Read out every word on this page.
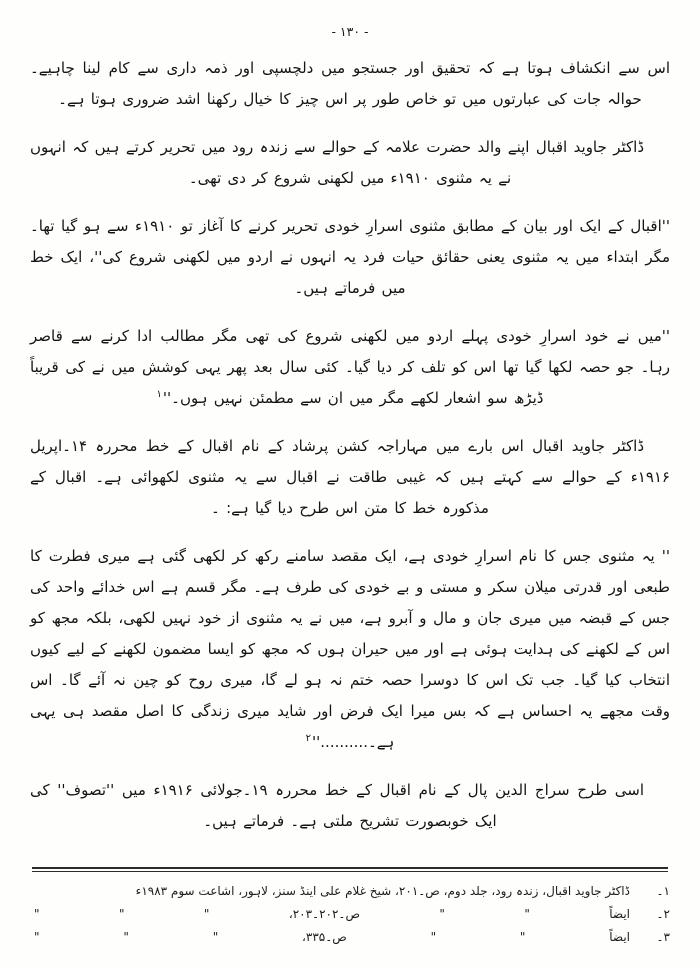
- ۱۳۰ -

اس سے انکشاف ہوتا ہے کہ تحقیق اور جستجو میں دلچسپی اور ذمہ داری سے کام لینا چاہیے۔ حوالہ جات کی عبارتوں میں تو خاص طور پر اس چیز کا خیال رکھنا اشد ضروری ہوتا ہے۔

ڈاکٹر جاوید اقبال اپنے والد حضرت علامہ کے حوالے سے زندہ رود میں تحریر کرتے ہیں کہ انہوں نے یہ مثنوی ۱۹۱۰ء میں لکھنی شروع کر دی تھی۔

''اقبال کے ایک اور بیان کے مطابق مثنوی اسرارِ خودی تحریر کرنے کا آغاز تو ۱۹۱۰ء سے ہو گیا تھا۔ مگر ابتداء میں یہ مثنوی یعنی حقائق حیات فرد یہ انہوں نے اردو میں لکھنی شروع کی''، ایک خط میں فرماتے ہیں۔

''میں نے خود اسرارِ خودی پہلے اردو میں لکھنی شروع کی تھی مگر مطالب ادا کرنے سے قاصر رہا۔ جو حصہ لکھا گیا تھا اس کو تلف کر دیا گیا۔ کئی سال بعد پھر یہی کوشش میں نے کی قریباً ڈیڑھ سو اشعار لکھے مگر میں ان سے مطمئن نہیں ہوں۔''$^۱$

ڈاکٹر جاوید اقبال اس بارے میں مہاراجہ کشن پرشاد کے نام اقبال کے خط محررہ ۱۴۔اپریل ۱۹۱۶ء کے حوالے سے کہتے ہیں کہ غیبی طاقت نے اقبال سے یہ مثنوی لکھوائی ہے۔ اقبال کے مذکورہ خط کا متن اس طرح دیا گیا ہے: ۔

'' یہ مثنوی جس کا نام اسرارِ خودی ہے، ایک مقصد سامنے رکھ کر لکھی گئی ہے میری فطرت کا طبعی اور قدرتی میلان سکر و مستی و بے خودی کی طرف ہے۔ مگر قسم ہے اس خدائے واحد کی جس کے قبضہ میں میری جان و مال و آبرو ہے، میں نے یہ مثنوی از خود نہیں لکھی، بلکہ مجھ کو اس کے لکھنے کی ہدایت ہوئی ہے اور میں حیران ہوں کہ مجھ کو ایسا مضمون لکھنے کے لیے کیوں انتخاب کیا گیا۔ جب تک اس کا دوسرا حصہ ختم نہ ہو لے گا، میری روح کو چین نہ آئے گا۔ اس وقت مجھے یہ احساس ہے کہ بس میرا ایک فرض اور شاید میری زندگی کا اصل مقصد ہی یہی ہے۔..........''$^۲$

اسی طرح سراج الدین پال کے نام اقبال کے خط محررہ ۱۹۔جولائی ۱۹۱۶ء میں ''تصوف'' کی ایک خوبصورت تشریح ملتی ہے۔ فرماتے ہیں۔

۱۔
ڈاکٹر جاوید اقبال، زندہ رود، جلد دوم، ص۔۲۰۱، شیخ غلام علی اینڈ سنز، لاہور، اشاعت سوم ۱۹۸۳ء
۲۔
ایضاً
"
"
ص۔۲۰۲۔۲۰۳،
"
"
"
۳۔
ایضاً
"
"
ص۔۳۳۵،
"
"
"
